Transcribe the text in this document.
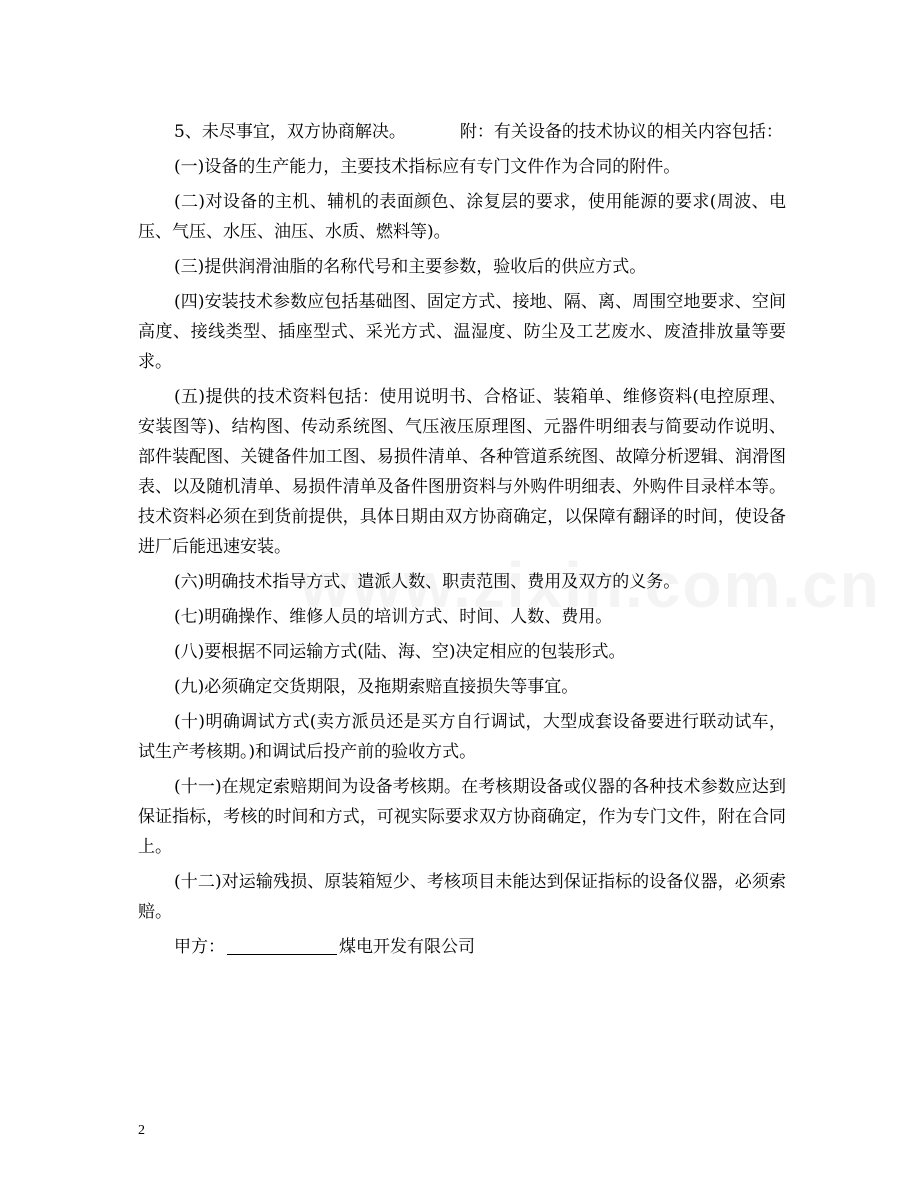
5、未尽事宜，双方协商解决。	附：有关设备的技术协议的相关内容包括：

(一)设备的生产能力，主要技术指标应有专门文件作为合同的附件。

(二)对设备的主机、辅机的表面颜色、涂复层的要求，使用能源的要求(周波、电压、气压、水压、油压、水质、燃料等)。

(三)提供润滑油脂的名称代号和主要参数，验收后的供应方式。

(四)安装技术参数应包括基础图、固定方式、接地、隔、离、周围空地要求、空间高度、接线类型、插座型式、采光方式、温湿度、防尘及工艺废水、废渣排放量等要求。

(五)提供的技术资料包括：使用说明书、合格证、装箱单、维修资料(电控原理、安装图等)、结构图、传动系统图、气压液压原理图、元器件明细表与简要动作说明、部件装配图、关键备件加工图、易损件清单、各种管道系统图、故障分析逻辑、润滑图表、以及随机清单、易损件清单及备件图册资料与外购件明细表、外购件目录样本等。技术资料必须在到货前提供，具体日期由双方协商确定，以保障有翻译的时间，使设备进厂后能迅速安装。

(六)明确技术指导方式、遣派人数、职责范围、费用及双方的义务。

(七)明确操作、维修人员的培训方式、时间、人数、费用。

(八)要根据不同运输方式(陆、海、空)决定相应的包装形式。

(九)必须确定交货期限，及拖期索赔直接损失等事宜。

(十)明确调试方式(卖方派员还是买方自行调试，大型成套设备要进行联动试车，试生产考核期。)和调试后投产前的验收方式。

(十一)在规定索赔期间为设备考核期。在考核期设备或仪器的各种技术参数应达到保证指标，考核的时间和方式，可视实际要求双方协商确定，作为专门文件，附在合同上。

(十二)对运输残损、原装箱短少、考核项目未能达到保证指标的设备仪器，必须索赔。

甲方：	煤电开发有限公司

2
